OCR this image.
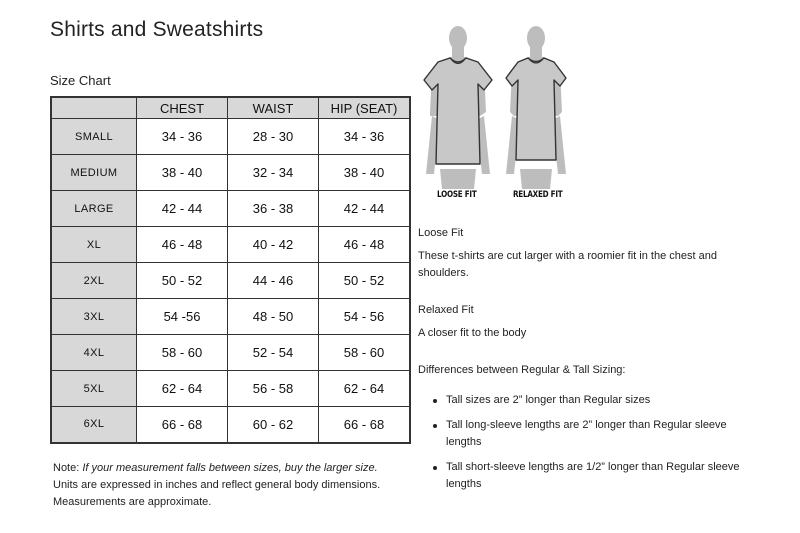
Shirts and Sweatshirts
Size Chart
	CHEST	WAIST	HIP (SEAT)
SMALL	34 - 36	28 - 30	34 - 36
MEDIUM	38 - 40	32 - 34	38 - 40
LARGE	42 - 44	36 - 38	42 - 44
XL	46 - 48	40 - 42	46 - 48
2XL	50 - 52	44 - 46	50 - 52
3XL	54 -56	48 - 50	54 - 56
4XL	58 - 60	52 - 54	58 - 60
5XL	62 - 64	56 - 58	62 - 64
6XL	66 - 68	60 - 62	66 - 68
Note: If your measurement falls between sizes, buy the larger size.
Units are expressed in inches and reflect general body dimensions.
Measurements are approximate.
LOOSE FIT	RELAXED FIT
Loose Fit
These t-shirts are cut larger with a roomier fit in the chest and shoulders.
Relaxed Fit
A closer fit to the body
Differences between Regular & Tall Sizing:
Tall sizes are 2” longer than Regular sizes
Tall long-sleeve lengths are 2” longer than Regular sleeve lengths
Tall short-sleeve lengths are 1/2” longer than Regular sleeve lengths
